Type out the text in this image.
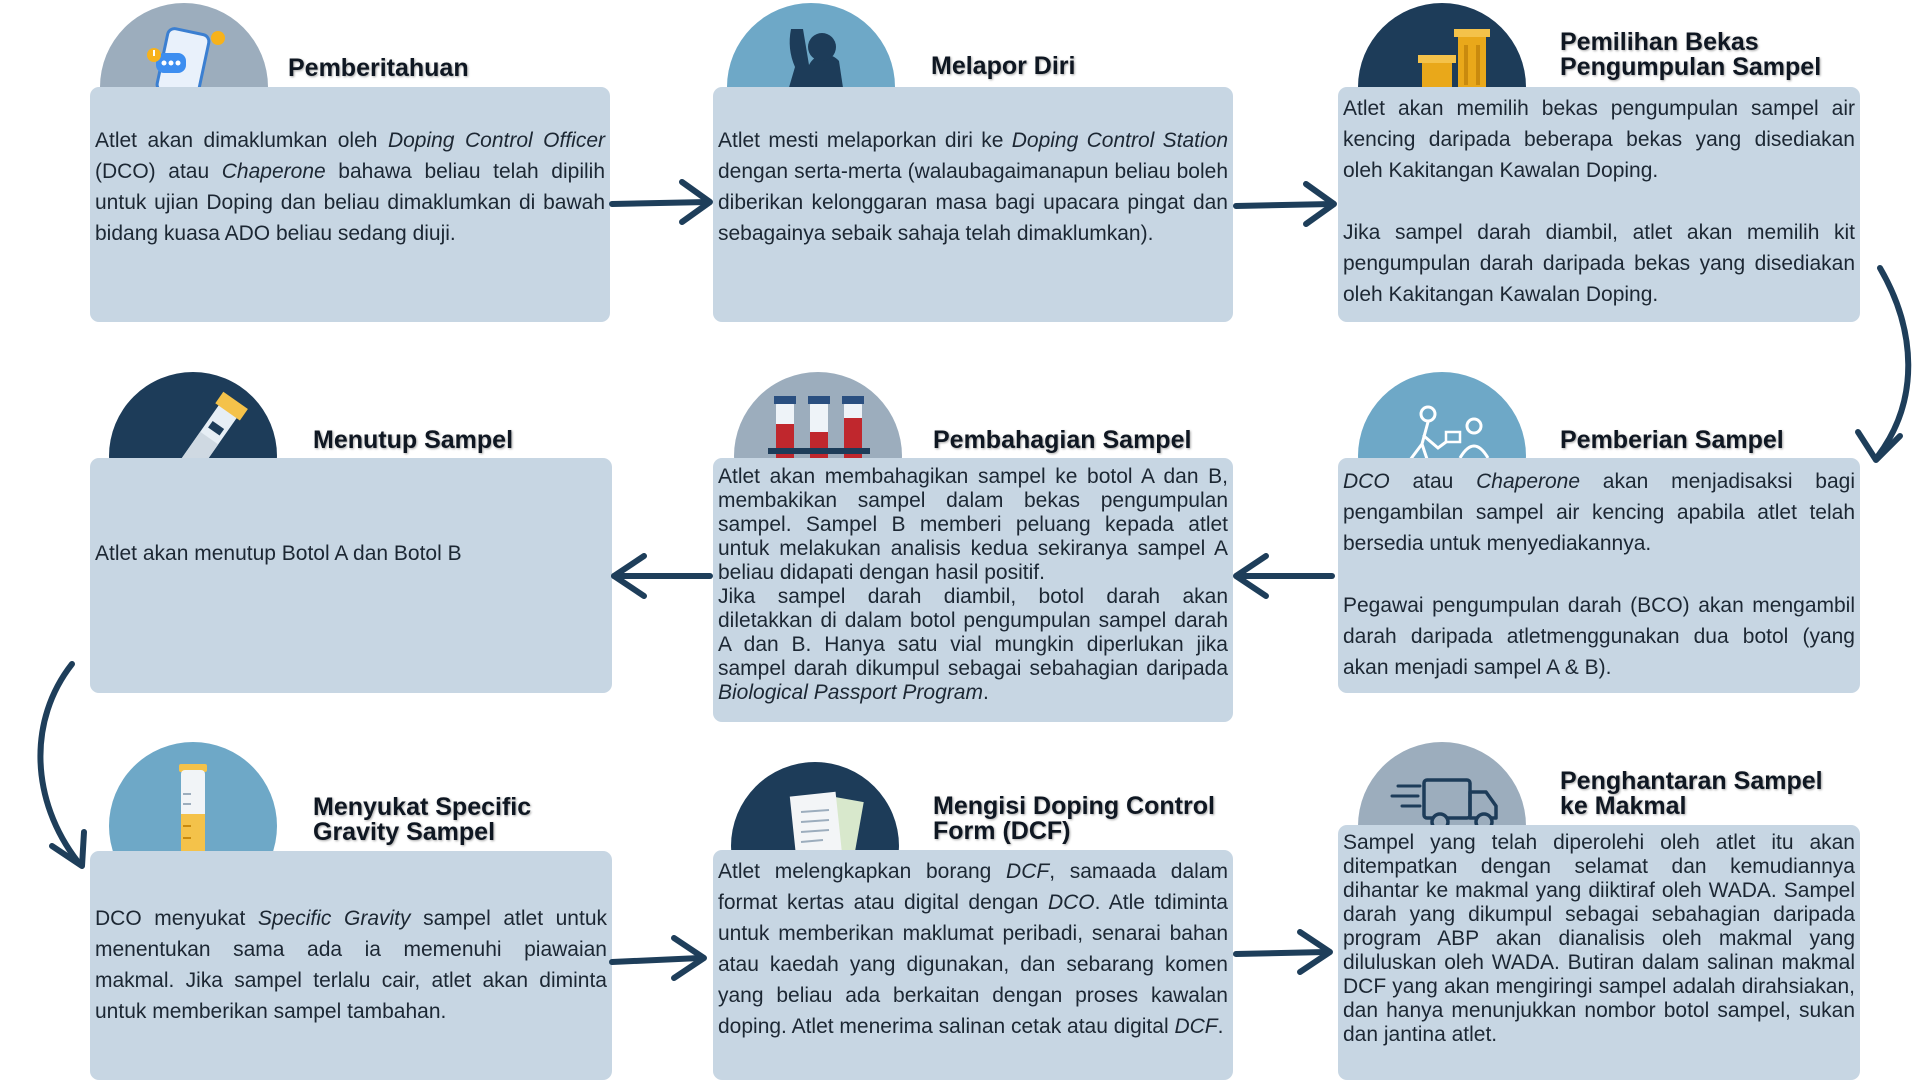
Atlet akan dimaklumkan oleh Doping Control Officer (DCO) atau Chaperone bahawa beliau telah dipilih untuk ujian Doping dan beliau dimaklumkan di bawah bidang kuasa ADO beliau sedang diuji.

Pemberitahuan

Atlet mesti melaporkan diri ke Doping Control Station dengan serta-merta (walaubagaimanapun beliau boleh diberikan kelonggaran masa bagi upacara pingat dan sebagainya sebaik sahaja telah dimaklumkan).

Melapor Diri

Atlet akan memilih bekas pengumpulan sampel air kencing daripada beberapa bekas yang disediakan oleh Kakitangan Kawalan Doping.

Jika sampel darah diambil, atlet akan memilih kit pengumpulan darah daripada bekas yang disediakan oleh Kakitangan Kawalan Doping.

Pemilihan Bekas
Pengumpulan Sampel

DCO atau Chaperone akan menjadisaksi bagi pengambilan sampel air kencing apabila atlet telah bersedia untuk menyediakannya.

Pegawai pengumpulan darah (BCO) akan mengambil darah daripada atletmenggunakan dua botol (yang akan menjadi sampel A & B).

Pemberian Sampel

Atlet akan membahagikan sampel ke botol A dan B, membakikan sampel dalam bekas pengumpulan sampel. Sampel B memberi peluang kepada atlet untuk melakukan analisis kedua sekiranya sampel A beliau didapati dengan hasil positif.

Jika sampel darah diambil, botol darah akan diletakkan di dalam botol pengumpulan sampel darah A dan B. Hanya satu vial mungkin diperlukan jika sampel darah dikumpul sebagai sebahagian daripada Biological Passport Program.

Pembahagian Sampel

Atlet akan menutup Botol A dan Botol B

Menutup Sampel

DCO menyukat Specific Gravity sampel atlet untuk menentukan sama ada ia memenuhi piawaian makmal. Jika sampel terlalu cair, atlet akan diminta untuk memberikan sampel tambahan.

Menyukat Specific
Gravity Sampel

Atlet melengkapkan borang DCF, samaada dalam format kertas atau digital dengan DCO. Atle tdiminta untuk memberikan maklumat peribadi, senarai bahan atau kaedah yang digunakan, dan sebarang komen yang beliau ada berkaitan dengan proses kawalan doping. Atlet menerima salinan cetak atau digital DCF.

Mengisi Doping Control
Form (DCF)	Sampel yang telah diperolehi oleh atlet itu akan ditempatkan dengan selamat dan kemudiannya dihantar ke makmal yang diiktiraf oleh WADA. Sampel darah yang dikumpul sebagai sebahagian daripada program ABP akan dianalisis oleh makmal yang diluluskan oleh WADA. Butiran dalam salinan makmal DCF yang akan mengiringi sampel adalah dirahsiakan, dan hanya menunjukkan nombor botol sampel, sukan dan jantina atlet.

Penghantaran Sampel
ke Makmal
